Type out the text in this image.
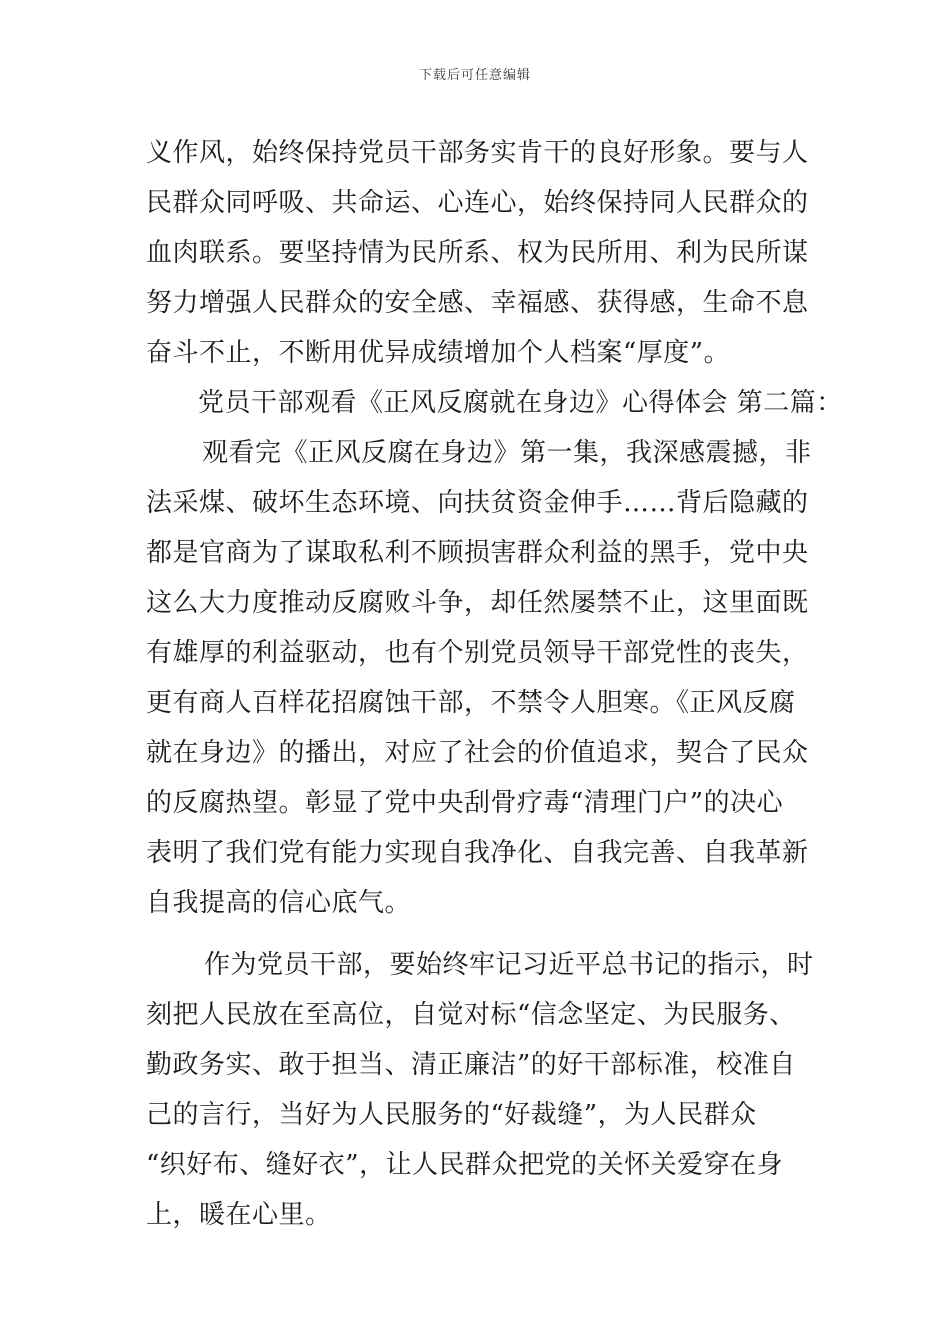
下载后可任意编辑
义作风，始终保持党员干部务实肯干的良好形象。要与人
民群众同呼吸、共命运、心连心，始终保持同人民群众的
血肉联系。要坚持情为民所系、权为民所用、利为民所谋
努力增强人民群众的安全感、幸福感、获得感，生命不息
奋斗不止，不断用优异成绩增加个人档案“厚度”。
党员干部观看《正风反腐就在身边》心得体会 第二篇：
观看完《正风反腐在身边》第一集，我深感震撼，非
法采煤、破坏生态环境、向扶贫资金伸手……背后隐藏的
都是官商为了谋取私利不顾损害群众利益的黑手，党中央
这么大力度推动反腐败斗争，却任然屡禁不止，这里面既
有雄厚的利益驱动，也有个别党员领导干部党性的丧失，
更有商人百样花招腐蚀干部，不禁令人胆寒。《正风反腐
就在身边》的播出，对应了社会的价值追求，契合了民众
的反腐热望。彰显了党中央刮骨疗毒“清理门户”的决心
表明了我们党有能力实现自我净化、自我完善、自我革新
自我提高的信心底气。
作为党员干部，要始终牢记习近平总书记的指示，时
刻把人民放在至高位，自觉对标“信念坚定、为民服务、
勤政务实、敢于担当、清正廉洁”的好干部标准，校准自
己的言行，当好为人民服务的“好裁缝”，为人民群众
“织好布、缝好衣”，让人民群众把党的关怀关爱穿在身
上，暖在心里。
